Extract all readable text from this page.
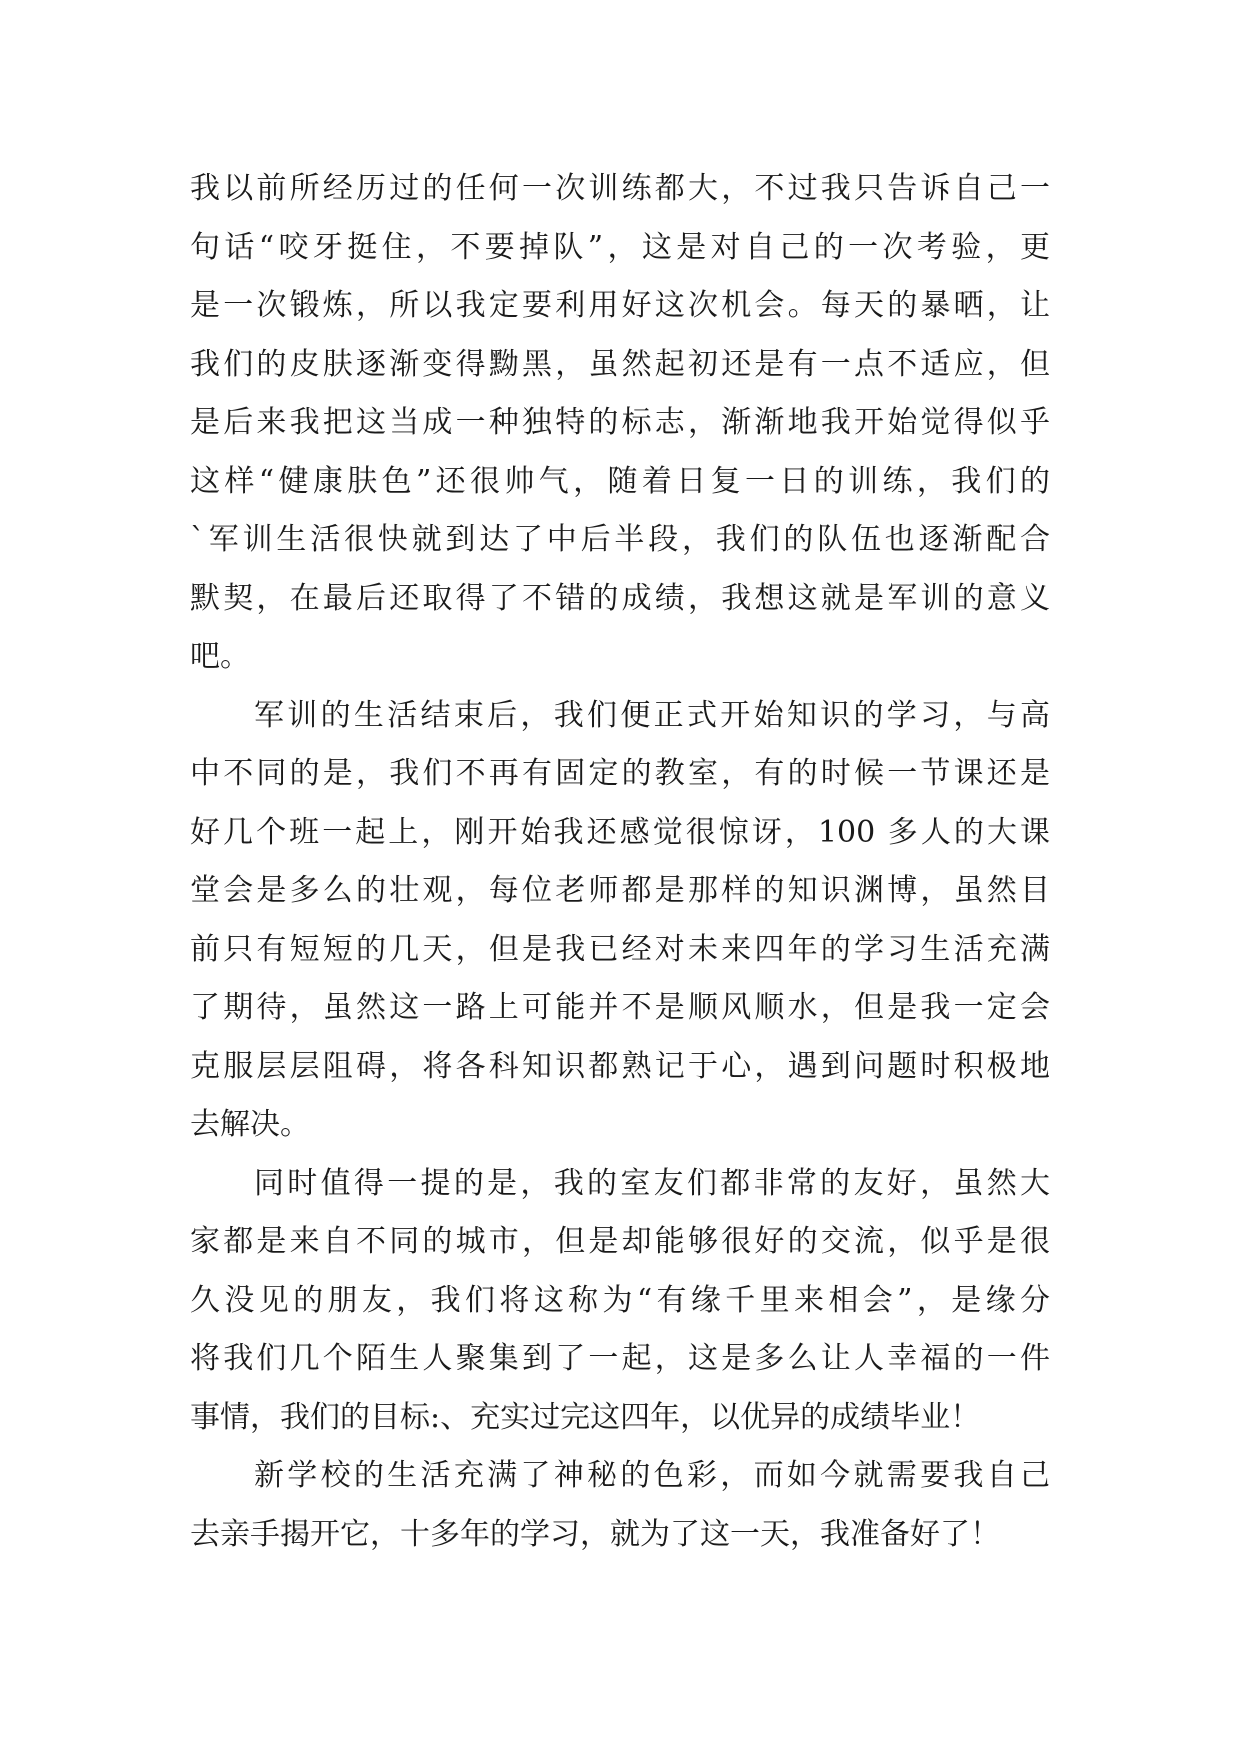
我以前所经历过的任何一次训练都大，不过我只告诉自己一
句话“咬牙挺住，不要掉队”，这是对自己的一次考验，更
是一次锻炼，所以我定要利用好这次机会。每天的暴晒，让
我们的皮肤逐渐变得黝黑，虽然起初还是有一点不适应，但
是后来我把这当成一种独特的标志，渐渐地我开始觉得似乎
这样“健康肤色”还很帅气，随着日复一日的训练，我们的
`军训生活很快就到达了中后半段，我们的队伍也逐渐配合
默契，在最后还取得了不错的成绩，我想这就是军训的意义
吧。
军训的生活结束后，我们便正式开始知识的学习，与高
中不同的是，我们不再有固定的教室，有的时候一节课还是
好几个班一起上，刚开始我还感觉很惊讶，100 多人的大课
堂会是多么的壮观，每位老师都是那样的知识渊博，虽然目
前只有短短的几天，但是我已经对未来四年的学习生活充满
了期待，虽然这一路上可能并不是顺风顺水，但是我一定会
克服层层阻碍，将各科知识都熟记于心，遇到问题时积极地
去解决。
同时值得一提的是，我的室友们都非常的友好，虽然大
家都是来自不同的城市，但是却能够很好的交流，似乎是很
久没见的朋友，我们将这称为“有缘千里来相会”，是缘分
将我们几个陌生人聚集到了一起，这是多么让人幸福的一件
事情，我们的目标:、充实过完这四年，以优异的成绩毕业！
新学校的生活充满了神秘的色彩，而如今就需要我自己
去亲手揭开它，十多年的学习，就为了这一天，我准备好了！
